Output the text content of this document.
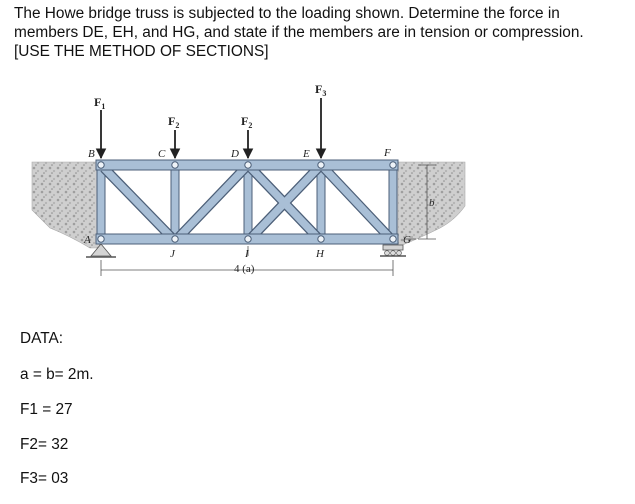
The Howe bridge truss is subjected to the loading shown. Determine the force in
members DE, EH, and HG, and state if the members are in tension or compression.
[USE THE METHOD OF SECTIONS]

$F_1$
$F_2$	$F_2$
$F_3$
B	C	D	E	F
A
J	I	H
G
b
4 (a)
DATA:
a = b= 2m.
F1 = 27
F2= 32
F3= 03
